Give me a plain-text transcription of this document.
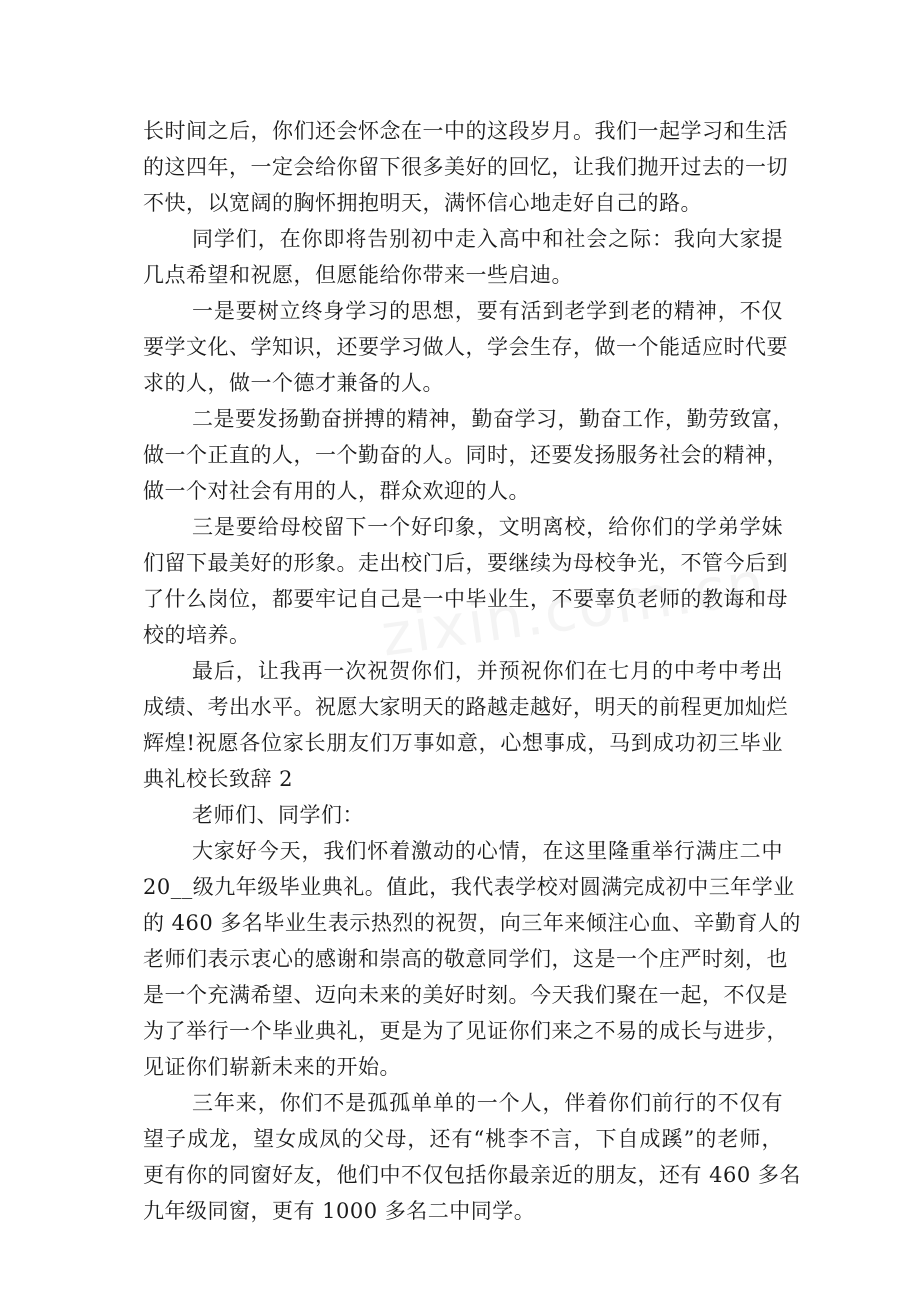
长时间之后，你们还会怀念在一中的这段岁月。我们一起学习和生活
的这四年，一定会给你留下很多美好的回忆，让我们抛开过去的一切
不快，以宽阔的胸怀拥抱明天，满怀信心地走好自己的路。
同学们，在你即将告别初中走入高中和社会之际：我向大家提
几点希望和祝愿，但愿能给你带来一些启迪。
一是要树立终身学习的思想，要有活到老学到老的精神，不仅
要学文化、学知识，还要学习做人，学会生存，做一个能适应时代要
求的人，做一个德才兼备的人。
二是要发扬勤奋拼搏的精神，勤奋学习，勤奋工作，勤劳致富，
做一个正直的人，一个勤奋的人。同时，还要发扬服务社会的精神，
做一个对社会有用的人，群众欢迎的人。
三是要给母校留下一个好印象，文明离校，给你们的学弟学妹
们留下最美好的形象。走出校门后，要继续为母校争光，不管今后到
了什么岗位，都要牢记自己是一中毕业生，不要辜负老师的教诲和母
校的培养。
最后，让我再一次祝贺你们，并预祝你们在七月的中考中考出
成绩、考出水平。祝愿大家明天的路越走越好，明天的前程更加灿烂
辉煌!祝愿各位家长朋友们万事如意，心想事成，马到成功初三毕业
典礼校长致辞 2
老师们、同学们：
大家好今天，我们怀着激动的心情，在这里隆重举行满庄二中
20__级九年级毕业典礼。值此，我代表学校对圆满完成初中三年学业
的 460 多名毕业生表示热烈的祝贺，向三年来倾注心血、辛勤育人的
老师们表示衷心的感谢和崇高的敬意同学们，这是一个庄严时刻，也
是一个充满希望、迈向未来的美好时刻。今天我们聚在一起，不仅是
为了举行一个毕业典礼，更是为了见证你们来之不易的成长与进步，
见证你们崭新未来的开始。
三年来，你们不是孤孤单单的一个人，伴着你们前行的不仅有
望子成龙，望女成凤的父母，还有“桃李不言，下自成蹊”的老师，
更有你的同窗好友，他们中不仅包括你最亲近的朋友，还有 460 多名
九年级同窗，更有 1000 多名二中同学。
